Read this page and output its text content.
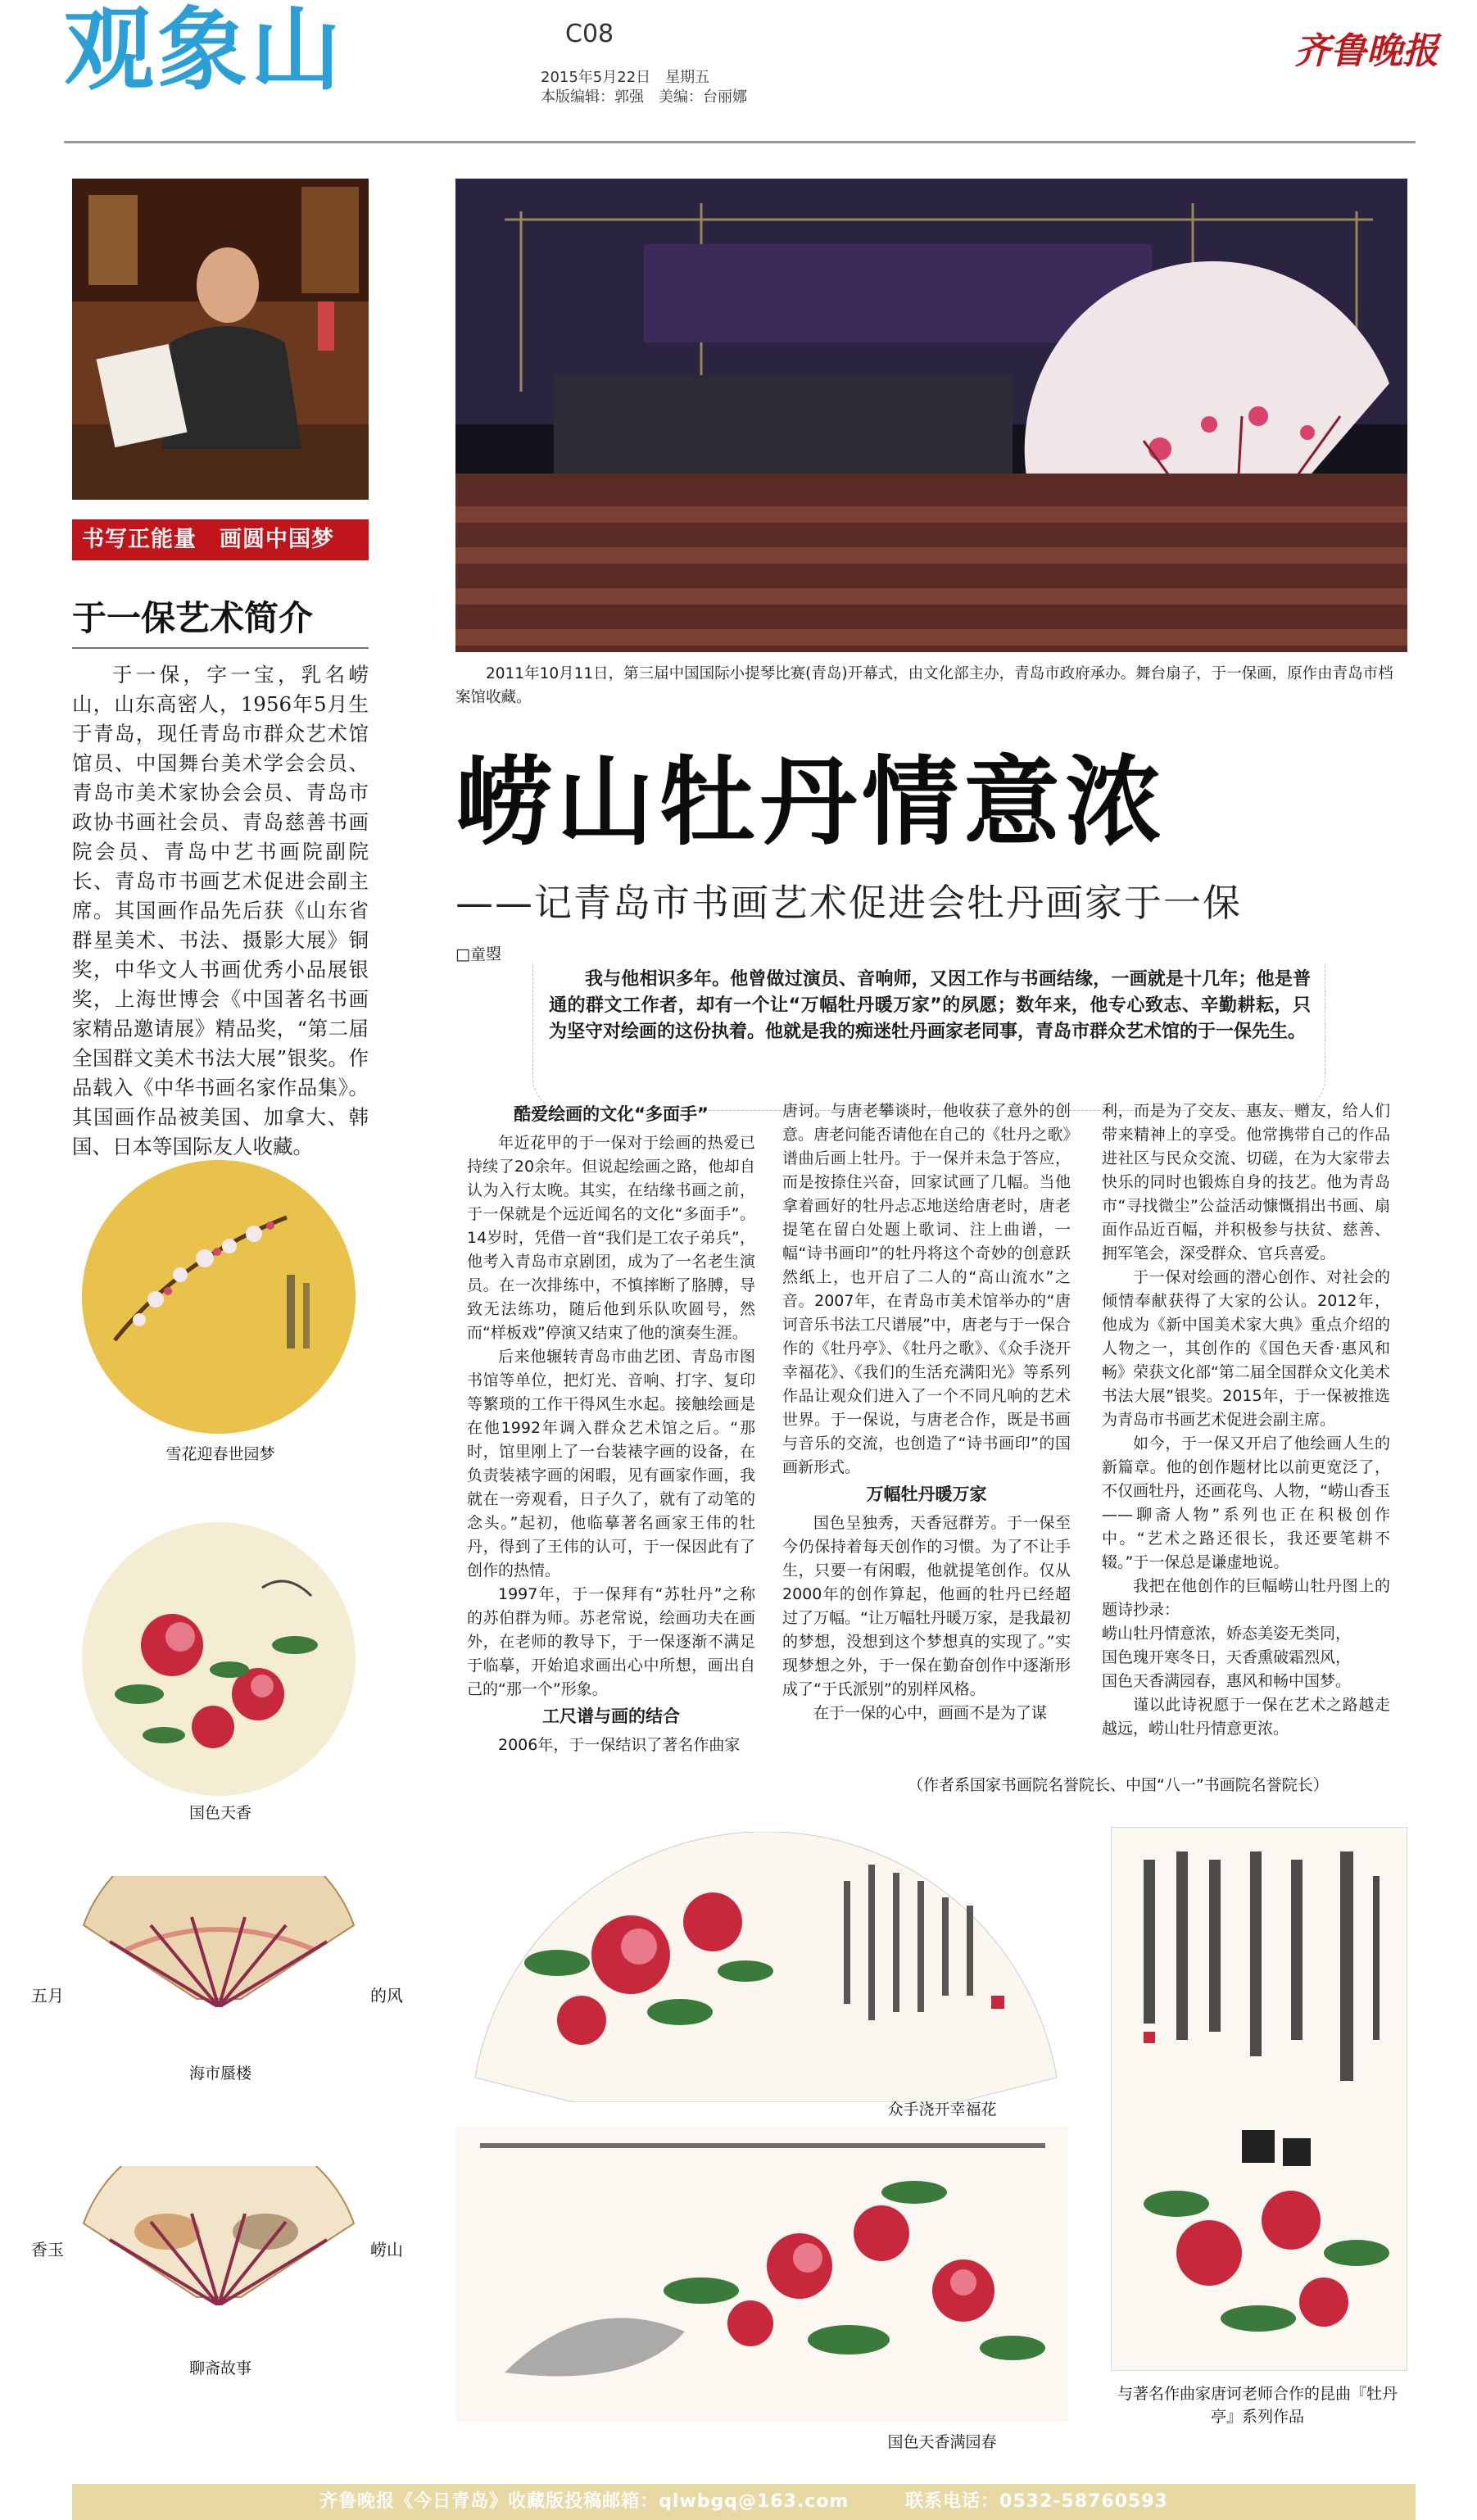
观象山	C08
2015年5月22日　星期五
本版编辑：郭强　美编：台丽娜
齐鲁晚报
书写正能量　画圆中国梦
于一保艺术简介
于一保，字一宝，乳名崂山，山东高密人，1956年5月生于青岛，现任青岛市群众艺术馆馆员、中国舞台美术学会会员、青岛市美术家协会会员、青岛市政协书画社会员、青岛慈善书画院会员、青岛中艺书画院副院长、青岛市书画艺术促进会副主席。其国画作品先后获《山东省群星美术、书法、摄影大展》铜奖，中华文人书画优秀小品展银奖，上海世博会《中国著名书画家精品邀请展》精品奖，“第二届全国群文美术书法大展”银奖。作品载入《中华书画名家作品集》。其国画作品被美国、加拿大、韩国、日本等国际友人收藏。
雪花迎春世园梦
国色天香
五月	的风
海市蜃楼
香玉	崂山
聊斋故事
2011年10月11日，第三届中国国际小提琴比赛(青岛)开幕式，由文化部主办，青岛市政府承办。舞台扇子，于一保画，原作由青岛市档案馆收藏。
崂山牡丹情意浓
——记青岛市书画艺术促进会牡丹画家于一保
□童曌
我与他相识多年。他曾做过演员、音响师，又因工作与书画结缘，一画就是十几年；他是普通的群文工作者，却有一个让“万幅牡丹暖万家”的夙愿；数年来，他专心致志、辛勤耕耘，只为坚守对绘画的这份执着。他就是我的痴迷牡丹画家老同事，青岛市群众艺术馆的于一保先生。
酷爱绘画的文化“多面手”

年近花甲的于一保对于绘画的热爱已持续了20余年。但说起绘画之路，他却自认为入行太晚。其实，在结缘书画之前，于一保就是个远近闻名的文化“多面手”。14岁时，凭借一首“我们是工农子弟兵”，他考入青岛市京剧团，成为了一名老生演员。在一次排练中，不慎摔断了胳膊，导致无法练功，随后他到乐队吹圆号，然而“样板戏”停演又结束了他的演奏生涯。

后来他辗转青岛市曲艺团、青岛市图书馆等单位，把灯光、音响、打字、复印等繁琐的工作干得风生水起。接触绘画是在他1992年调入群众艺术馆之后。“那时，馆里刚上了一台装裱字画的设备，在负责装裱字画的闲暇，见有画家作画，我就在一旁观看，日子久了，就有了动笔的念头。”起初，他临摹著名画家王伟的牡丹，得到了王伟的认可，于一保因此有了创作的热情。

1997年，于一保拜有“苏牡丹”之称的苏伯群为师。苏老常说，绘画功夫在画外，在老师的教导下，于一保逐渐不满足于临摹，开始追求画出心中所想，画出自己的“那一个”形象。

工尺谱与画的结合

2006年，于一保结识了著名作曲家

唐诃。与唐老攀谈时，他收获了意外的创意。唐老问能否请他在自己的《牡丹之歌》谱曲后画上牡丹。于一保并未急于答应，而是按捺住兴奋，回家试画了几幅。当他拿着画好的牡丹忐忑地送给唐老时，唐老提笔在留白处题上歌词、注上曲谱，一幅“诗书画印”的牡丹将这个奇妙的创意跃然纸上，也开启了二人的“高山流水”之音。2007年，在青岛市美术馆举办的“唐诃音乐书法工尺谱展”中，唐老与于一保合作的《牡丹亭》、《牡丹之歌》、《众手浇开幸福花》、《我们的生活充满阳光》等系列作品让观众们进入了一个不同凡响的艺术世界。于一保说，与唐老合作，既是书画与音乐的交流，也创造了“诗书画印”的国画新形式。

万幅牡丹暖万家

国色呈独秀，天香冠群芳。于一保至今仍保持着每天创作的习惯。为了不让手生，只要一有闲暇，他就提笔创作。仅从2000年的创作算起，他画的牡丹已经超过了万幅。“让万幅牡丹暖万家，是我最初的梦想，没想到这个梦想真的实现了。”实现梦想之外，于一保在勤奋创作中逐渐形成了“于氏派别”的别样风格。

在于一保的心中，画画不是为了谋

利，而是为了交友、惠友、赠友，给人们带来精神上的享受。他常携带自己的作品进社区与民众交流、切磋，在为大家带去快乐的同时也锻炼自身的技艺。他为青岛市“寻找微尘”公益活动慷慨捐出书画、扇面作品近百幅，并积极参与扶贫、慈善、拥军笔会，深受群众、官兵喜爱。

于一保对绘画的潜心创作、对社会的倾情奉献获得了大家的公认。2012年，他成为《新中国美术家大典》重点介绍的人物之一，其创作的《国色天香·惠风和畅》荣获文化部“第二届全国群众文化美术书法大展”银奖。2015年，于一保被推选为青岛市书画艺术促进会副主席。

如今，于一保又开启了他绘画人生的新篇章。他的创作题材比以前更宽泛了，不仅画牡丹，还画花鸟、人物，“崂山香玉——聊斋人物”系列也正在积极创作中。“艺术之路还很长，我还要笔耕不辍。”于一保总是谦虚地说。

我把在他创作的巨幅崂山牡丹图上的题诗抄录：

崂山牡丹情意浓，娇态美姿无类同，

国色瑰开寒冬日，天香熏破霜烈风，

国色天香满园春，惠风和畅中国梦。

谨以此诗祝愿于一保在艺术之路越走越远，崂山牡丹情意更浓。

（作者系国家书画院名誉院长、中国“八一”书画院名誉院长）
众手浇开幸福花
国色天香满园春
与著名作曲家唐诃老师合作的昆曲『牡丹亭』系列作品
齐鲁晚报《今日青岛》收藏版投稿邮箱：qlwbgq@163.com	联系电话：0532-58760593
